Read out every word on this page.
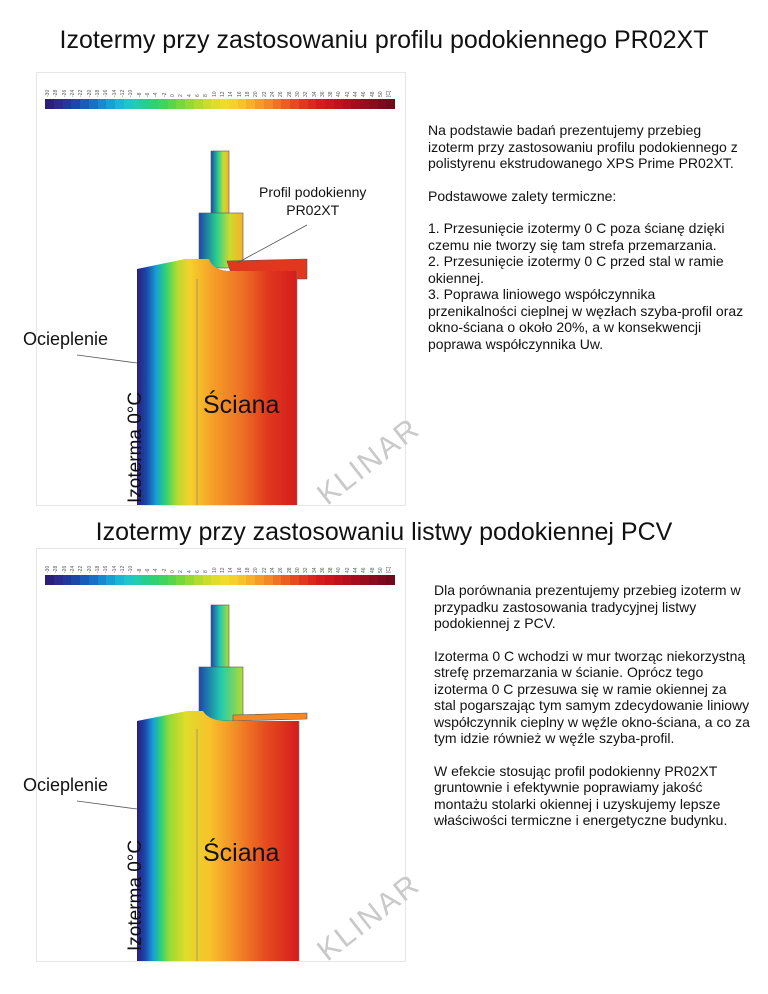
Izotermy przy zastosowaniu profilu podokiennego PR02XT
-30 -28 -26 -24 -22 -20 -18 -16 -14 -12 -10 -8 -6 -4 -2 0 2 4 6 8 10 12 14 16 18 20 22 24 26 28 30 32 34 36 38 40 42 44 46 48 50 [C]
Profil podokienny
PR02XT
Ocieplenie
Izoterma 0°C Ściana
KLINAR

Na podstawie badań prezentujemy przebieg izoterm przy zastosowaniu profilu podokiennego z polistyrenu ekstrudowanego XPS Prime PR02XT.

Podstawowe zalety termiczne:

1. Przesunięcie izotermy 0 C poza ścianę dzięki czemu nie tworzy się tam strefa przemarzania.
2. Przesunięcie izotermy 0 C przed stal w ramie okiennej.
3. Poprawa liniowego współczynnika przenikalności cieplnej w węzłach szyba-profil oraz okno-ściana o około 20%, a w konsekwencji poprawa współczynnika Uw.

Izotermy przy zastosowaniu listwy podokiennej PCV
-30 -28 -26 -24 -22 -20 -18 -16 -14 -12 -10 -8 -6 -4 -2 0 2 4 6 8 10 12 14 16 18 20 22 24 26 28 30 32 34 36 38 40 42 44 46 48 50 [C]
Ocieplenie
Izoterma 0°C Ściana
KLINAR

Dla porównania prezentujemy przebieg izoterm w przypadku zastosowania tradycyjnej listwy podokiennej z PCV.

Izoterma 0 C wchodzi w mur tworząc niekorzystną strefę przemarzania w ścianie. Oprócz tego izoterma 0 C przesuwa się w ramie okiennej za stal pogarszając tym samym zdecydowanie liniowy współczynnik cieplny w węźle okno-ściana, a co za tym idzie również w węźle szyba-profil.

W efekcie stosując profil podokienny PR02XT gruntownie i efektywnie poprawiamy jakość montażu stolarki okiennej i uzyskujemy lepsze właściwości termiczne i energetyczne budynku.
